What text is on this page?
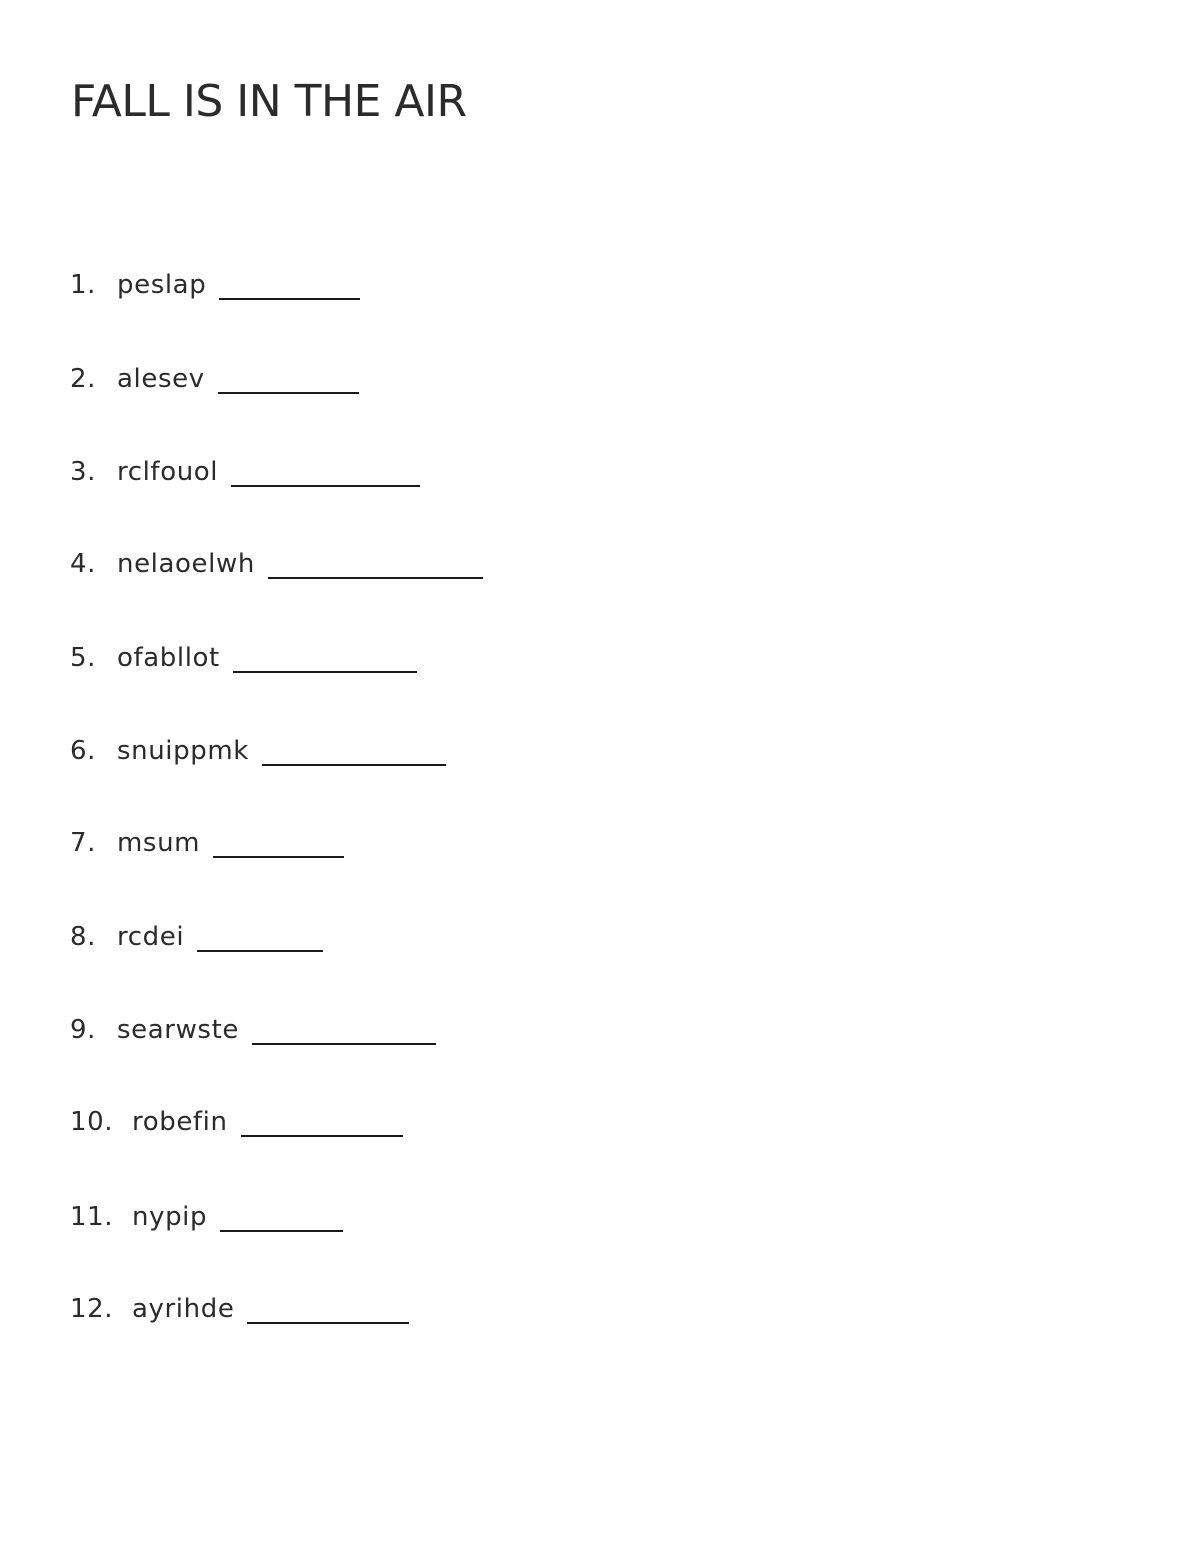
FALL IS IN THE AIR
1. peslap
2. alesev
3. rclfouol
4. nelaoelwh
5. ofabllot
6. snuippmk
7. msum
8. rcdei
9. searwste
10. robefin
11. nypip
12. ayrihde
